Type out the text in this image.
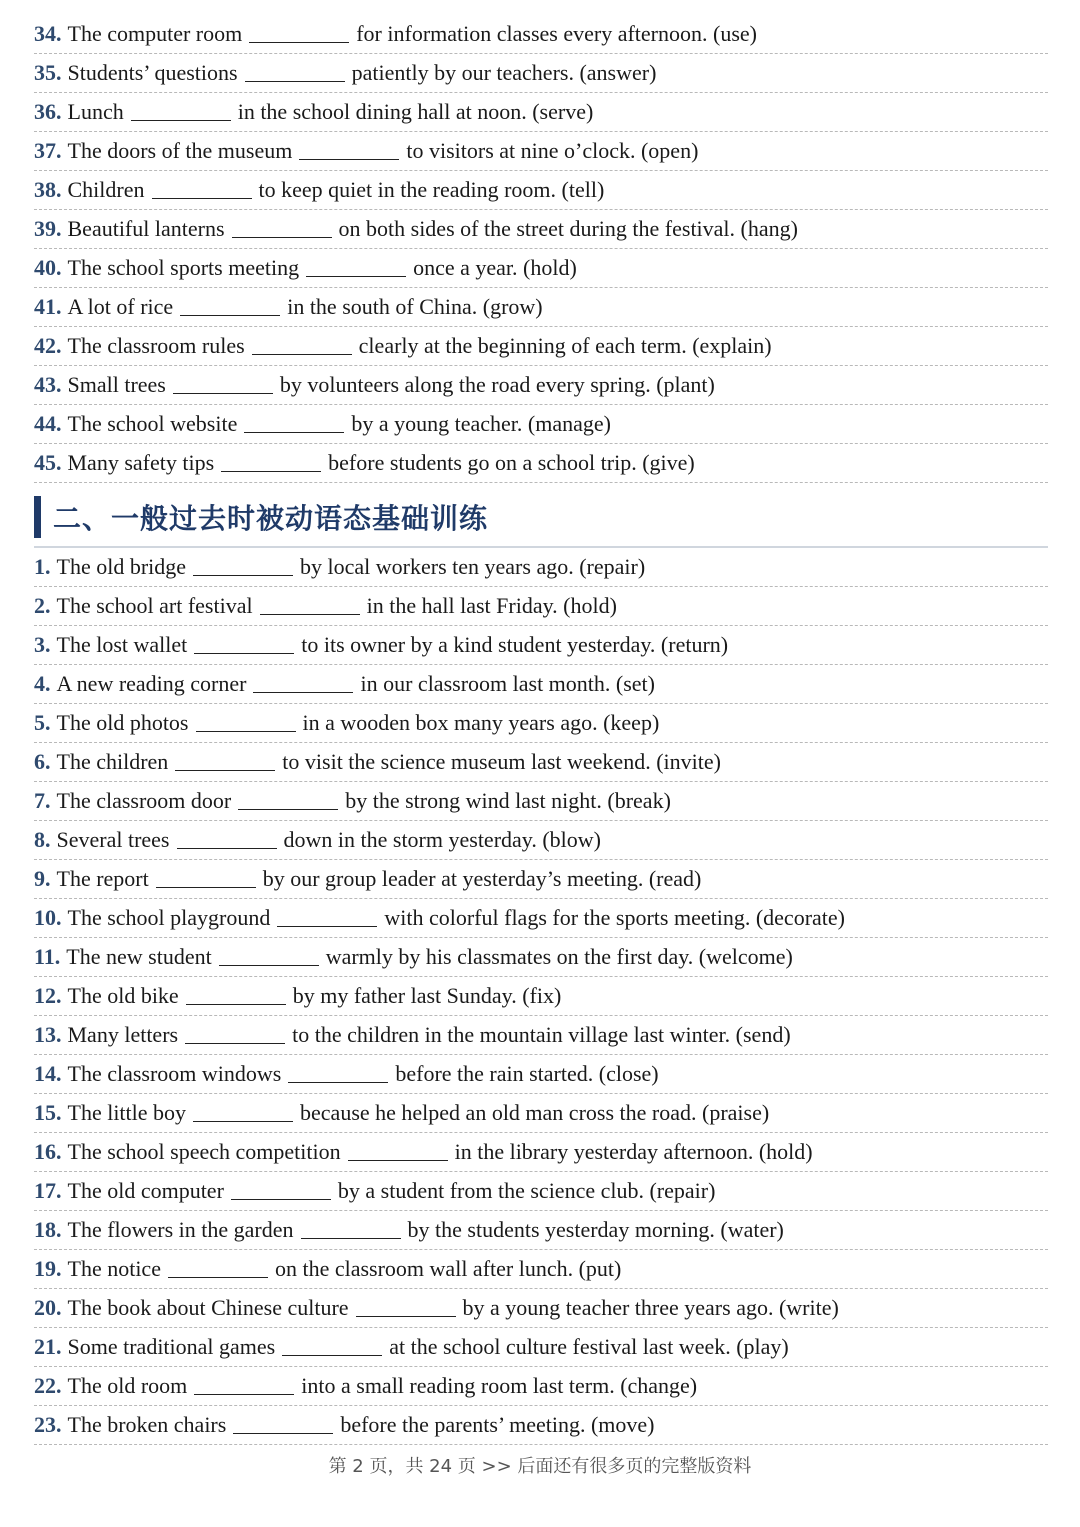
34. The computer room	for information classes every afternoon. (use)
35. Students’ questions	patiently by our teachers. (answer)
36. Lunch	in the school dining hall at noon. (serve)
37. The doors of the museum	to visitors at nine o’clock. (open)
38. Children	to keep quiet in the reading room. (tell)
39. Beautiful lanterns	on both sides of the street during the festival. (hang)
40. The school sports meeting	once a year. (hold)
41. A lot of rice	in the south of China. (grow)
42. The classroom rules	clearly at the beginning of each term. (explain)
43. Small trees	by volunteers along the road every spring. (plant)
44. The school website	by a young teacher. (manage)
45. Many safety tips	before students go on a school trip. (give)
二、一般过去时被动语态基础训练
1. The old bridge	by local workers ten years ago. (repair)
2. The school art festival	in the hall last Friday. (hold)
3. The lost wallet	to its owner by a kind student yesterday. (return)
4. A new reading corner	in our classroom last month. (set)
5. The old photos	in a wooden box many years ago. (keep)
6. The children	to visit the science museum last weekend. (invite)
7. The classroom door	by the strong wind last night. (break)
8. Several trees	down in the storm yesterday. (blow)
9. The report	by our group leader at yesterday’s meeting. (read)
10. The school playground	with colorful flags for the sports meeting. (decorate)
11. The new student	warmly by his classmates on the first day. (welcome)
12. The old bike	by my father last Sunday. (fix)
13. Many letters	to the children in the mountain village last winter. (send)
14. The classroom windows	before the rain started. (close)
15. The little boy	because he helped an old man cross the road. (praise)
16. The school speech competition	in the library yesterday afternoon. (hold)
17. The old computer	by a student from the science club. (repair)
18. The flowers in the garden	by the students yesterday morning. (water)
19. The notice	on the classroom wall after lunch. (put)
20. The book about Chinese culture	by a young teacher three years ago. (write)
21. Some traditional games	at the school culture festival last week. (play)
22. The old room	into a small reading room last term. (change)
23. The broken chairs	before the parents’ meeting. (move)
第 2 页，共 24 页 >> 后面还有很多页的完整版资料
